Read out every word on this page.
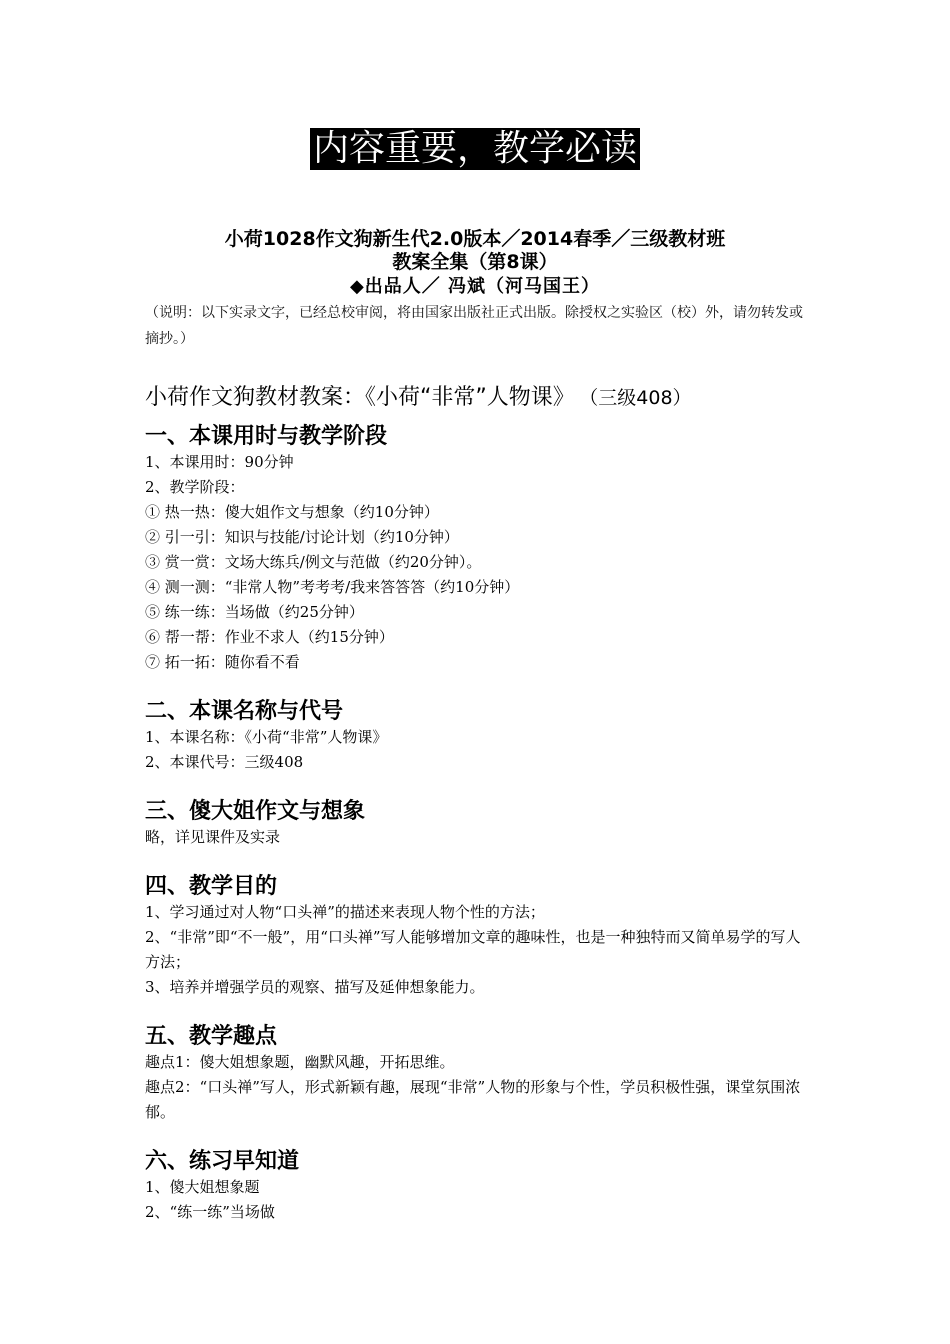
内容重要，教学必读
小荷1028作文狗新生代2.0版本／2014春季／三级教材班
教案全集（第8课）
◆出品人／ 冯斌（河马国王）
（说明：以下实录文字，已经总校审阅，将由国家出版社正式出版。除授权之实验区（校）外，请勿转发或摘抄。）
小荷作文狗教材教案：《小荷“非常”人物课》 （三级408）
一、本课用时与教学阶段
1、本课用时：90分钟
2、教学阶段：
① 热一热：傻大姐作文与想象（约10分钟）
② 引一引：知识与技能/讨论计划（约10分钟）
③ 赏一赏：文场大练兵/例文与范做（约20分钟）。
④ 测一测：“非常人物”考考考/我来答答答（约10分钟）
⑤ 练一练：当场做（约25分钟）
⑥ 帮一帮：作业不求人（约15分钟）
⑦ 拓一拓：随你看不看
二、本课名称与代号
1、本课名称：《小荷“非常”人物课》
2、本课代号：三级408
三、傻大姐作文与想象
略，详见课件及实录
四、教学目的
1、学习通过对人物“口头禅”的描述来表现人物个性的方法；
2、“非常”即“不一般”，用“口头禅”写人能够增加文章的趣味性，也是一种独特而又简单易学的写人方法；
3、培养并增强学员的观察、描写及延伸想象能力。
五、教学趣点
趣点1：傻大姐想象题，幽默风趣，开拓思维。
趣点2：“口头禅”写人，形式新颖有趣，展现“非常”人物的形象与个性，学员积极性强，课堂氛围浓郁。
六、练习早知道
1、傻大姐想象题
2、“练一练”当场做
